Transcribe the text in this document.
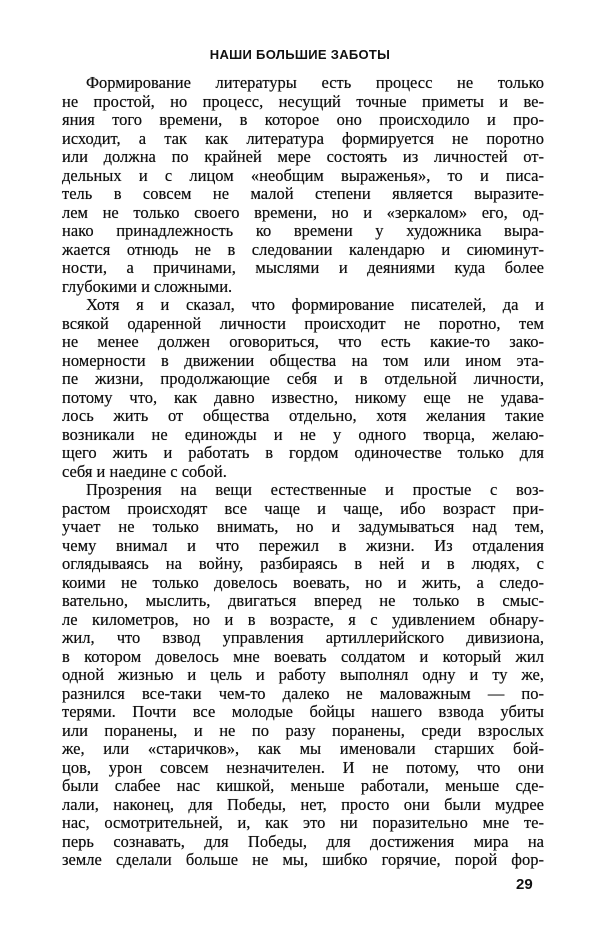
НАШИ БОЛЬШИЕ ЗАБОТЫ
Формирование литературы есть процесс не только
не простой, но процесс, несущий точные приметы и ве-
яния того времени, в которое оно происходило и про-
исходит, а так как литература формируется не поротно
или должна по крайней мере состоять из личностей от-
дельных и с лицом «необщим выраженья», то и писа-
тель в совсем не малой степени является выразите-
лем не только своего времени, но и «зеркалом» его, од-
нако принадлежность ко времени у художника выра-
жается отнюдь не в следовании календарю и сиюминут-
ности, а причинами, мыслями и деяниями куда более
глубокими и сложными.
Хотя я и сказал, что формирование писателей, да и
всякой одаренной личности происходит не поротно, тем
не менее должен оговориться, что есть какие-то зако-
номерности в движении общества на том или ином эта-
пе жизни, продолжающие себя и в отдельной личности,
потому что, как давно известно, никому еще не удава-
лось жить от общества отдельно, хотя желания такие
возникали не единожды и не у одного творца, желаю-
щего жить и работать в гордом одиночестве только для
себя и наедине с собой.
Прозрения на вещи естественные и простые с воз-
растом происходят все чаще и чаще, ибо возраст при-
учает не только внимать, но и задумываться над тем,
чему внимал и что пережил в жизни. Из отдаления
оглядываясь на войну, разбираясь в ней и в людях, с
коими не только довелось воевать, но и жить, а следо-
вательно, мыслить, двигаться вперед не только в смыс-
ле километров, но и в возрасте, я с удивлением обнару-
жил, что взвод управления артиллерийского дивизиона,
в котором довелось мне воевать солдатом и который жил
одной жизнью и цель и работу выполнял одну и ту же,
разнился все-таки чем-то далеко не маловажным — по-
терями. Почти все молодые бойцы нашего взвода убиты
или поранены, и не по разу поранены, среди взрослых
же, или «старичков», как мы именовали старших бой-
цов, урон совсем незначителен. И не потому, что они
были слабее нас кишкой, меньше работали, меньше сде-
лали, наконец, для Победы, нет, просто они были мудрее
нас, осмотрительней, и, как это ни поразительно мне те-
перь сознавать, для Победы, для достижения мира на
земле сделали больше не мы, шибко горячие, порой фор-
29
